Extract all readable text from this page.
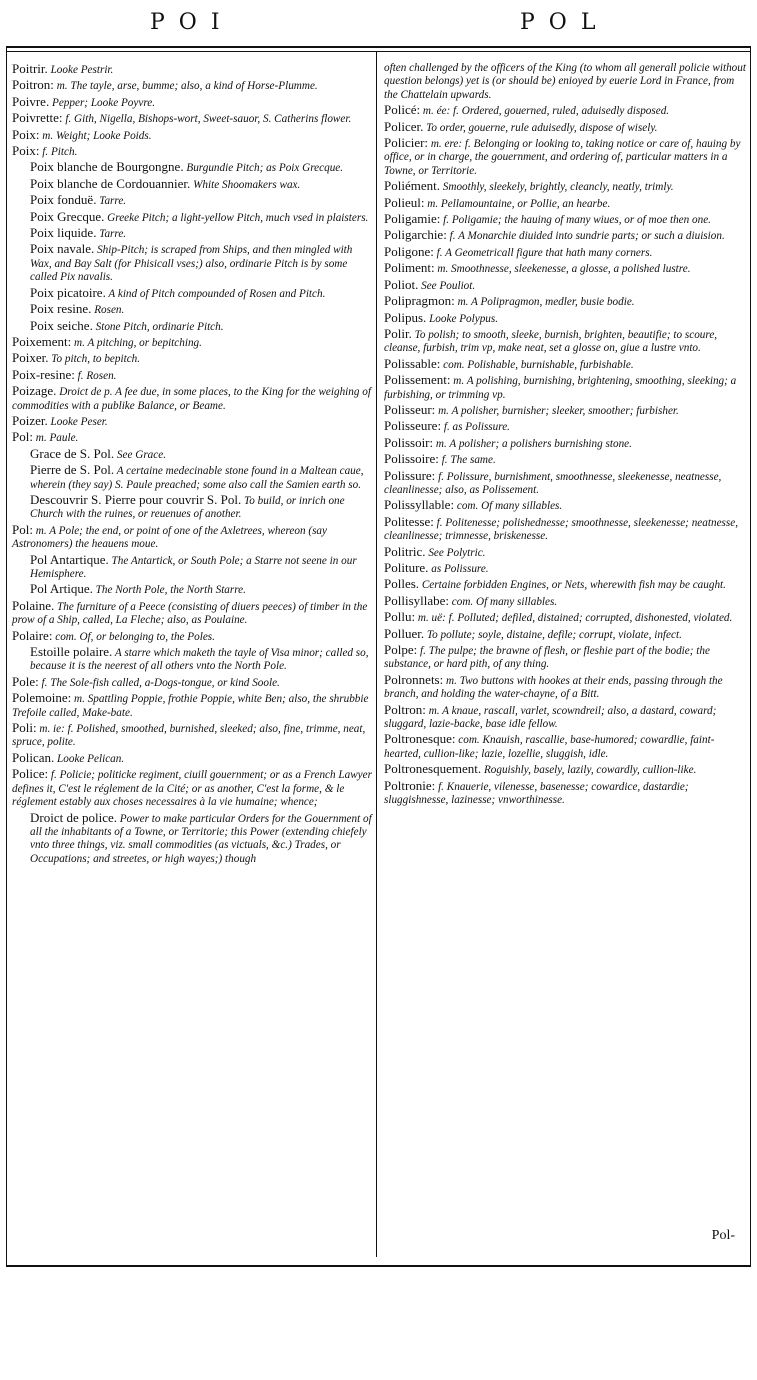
POI	POL

Poitrir. Looke Pestrir.

Poitron: m. The tayle, arse, bumme; also, a kind of Horse-Plumme.

Poivre. Pepper; Looke Poyvre.

Poivrette: f. Gith, Nigella, Bishops-wort, Sweet-sauor, S. Catherins flower.

Poix: m. Weight; Looke Poids.

Poix: f. Pitch.

Poix blanche de Bourgongne. Burgundie Pitch; as Poix Grecque.

Poix blanche de Cordouannier. White Shoomakers wax.

Poix fonduë. Tarre.

Poix Grecque. Greeke Pitch; a light-yellow Pitch, much vsed in plaisters.

Poix liquide. Tarre.

Poix navale. Ship-Pitch; is scraped from Ships, and then mingled with Wax, and Bay Salt (for Phisicall vses;) also, ordinarie Pitch is by some called Pix navalis.

Poix picatoire. A kind of Pitch compounded of Rosen and Pitch.

Poix resine. Rosen.

Poix seiche. Stone Pitch, ordinarie Pitch.

Poixement: m. A pitching, or bepitching.

Poixer. To pitch, to bepitch.

Poix-resine: f. Rosen.

Poizage. Droict de p. A fee due, in some places, to the King for the weighing of commodities with a publike Balance, or Beame.

Poizer. Looke Peser.

Pol: m. Paule.

Grace de S. Pol. See Grace.

Pierre de S. Pol. A certaine medecinable stone found in a Maltean caue, wherein (they say) S. Paule preached; some also call the Samien earth so.

Descouvrir S. Pierre pour couvrir S. Pol. To build, or inrich one Church with the ruines, or reuenues of another.

Pol: m. A Pole; the end, or point of one of the Axletrees, whereon (say Astronomers) the heauens moue.

Pol Antartique. The Antartick, or South Pole; a Starre not seene in our Hemisphere.

Pol Artique. The North Pole, the North Starre.

Polaine. The furniture of a Peece (consisting of diuers peeces) of timber in the prow of a Ship, called, La Fleche; also, as Poulaine.

Polaire: com. Of, or belonging to, the Poles.

Estoille polaire. A starre which maketh the tayle of Visa minor; called so, because it is the neerest of all others vnto the North Pole.

Pole: f. The Sole-fish called, a-Dogs-tongue, or kind Soole.

Polemoine: m. Spattling Poppie, frothie Poppie, white Ben; also, the shrubbie Trefoile called, Make-bate.

Poli: m. ie: f. Polished, smoothed, burnished, sleeked; also, fine, trimme, neat, spruce, polite.

Polican. Looke Pelican.

Police: f. Policie; politicke regiment, ciuill gouernment; or as a French Lawyer defines it, C'est le réglement de la Cité; or as another, C'est la forme, & le réglement estably aux choses necessaires à la vie humaine; whence;

Droict de police. Power to make particular Orders for the Gouernment of all the inhabitants of a Towne, or Territorie; this Power (extending chiefely vnto three things, viz. small commodities (as victuals, &c.) Trades, or Occupations; and streetes, or high wayes;) though

often challenged by the officers of the King (to whom all generall policie without question belongs) yet is (or should be) enioyed by euerie Lord in France, from the Chattelain upwards.

Policé: m. ée: f. Ordered, gouerned, ruled, aduisedly disposed.

Policer. To order, gouerne, rule aduisedly, dispose of wisely.

Policier: m. ere: f. Belonging or looking to, taking notice or care of, hauing by office, or in charge, the gouernment, and ordering of, particular matters in a Towne, or Territorie.

Poliément. Smoothly, sleekely, brightly, cleancly, neatly, trimly.

Polieul: m. Pellamountaine, or Pollie, an hearbe.

Poligamie: f. Poligamie; the hauing of many wiues, or of moe then one.

Poligarchie: f. A Monarchie diuided into sundrie parts; or such a diuision.

Poligone: f. A Geometricall figure that hath many corners.

Poliment: m. Smoothnesse, sleekenesse, a glosse, a polished lustre.

Poliot. See Pouliot.

Polipragmon: m. A Polipragmon, medler, busie bodie.

Polipus. Looke Polypus.

Polir. To polish; to smooth, sleeke, burnish, brighten, beautifie; to scoure, cleanse, furbish, trim vp, make neat, set a glosse on, giue a lustre vnto.

Polissable: com. Polishable, burnishable, furbishable.

Polissement: m. A polishing, burnishing, brightening, smoothing, sleeking; a furbishing, or trimming vp.

Polisseur: m. A polisher, burnisher; sleeker, smoother; furbisher.

Polisseure: f. as Polissure.

Polissoir: m. A polisher; a polishers burnishing stone.

Polissoire: f. The same.

Polissure: f. Polissure, burnishment, smoothnesse, sleekenesse, neatnesse, cleanlinesse; also, as Polissement.

Polissyllable: com. Of many sillables.

Politesse: f. Politenesse; polishednesse; smoothnesse, sleekenesse; neatnesse, cleanlinesse; trimnesse, briskenesse.

Politric. See Polytric.

Politure. as Polissure.

Polles. Certaine forbidden Engines, or Nets, wherewith fish may be caught.

Pollisyllabe: com. Of many sillables.

Pollu: m. uë: f. Polluted; defiled, distained; corrupted, dishonested, violated.

Polluer. To pollute; soyle, distaine, defile; corrupt, violate, infect.

Polpe: f. The pulpe; the brawne of flesh, or fleshie part of the bodie; the substance, or hard pith, of any thing.

Polronnets: m. Two buttons with hookes at their ends, passing through the branch, and holding the water-chayne, of a Bitt.

Poltron: m. A knaue, rascall, varlet, scowndreil; also, a dastard, coward; sluggard, lazie-backe, base idle fellow.

Poltronesque: com. Knauish, rascallie, base-humored; cowardlie, faint-hearted, cullion-like; lazie, lozellie, sluggish, idle.

Poltronesquement. Roguishly, basely, lazily, cowardly, cullion-like.

Poltronie: f. Knauerie, vilenesse, basenesse; cowardice, dastardie; sluggishnesse, lazinesse; vnworthinesse.

Pol-
